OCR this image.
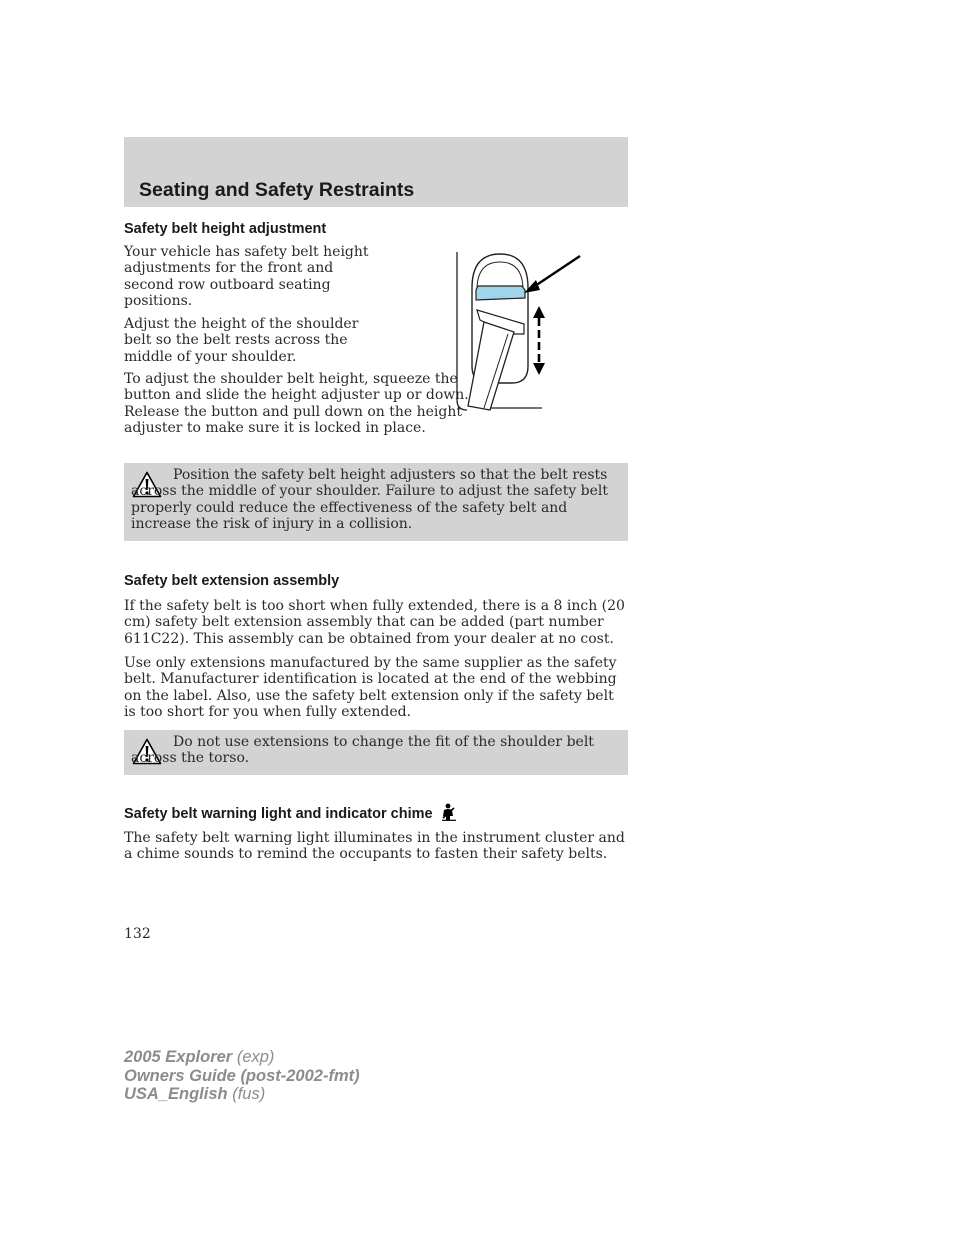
Seating and Safety Restraints
Safety belt height adjustment

Your vehicle has safety belt height adjustments for the front and second row outboard seating positions.

Adjust the height of the shoulder belt so the belt rests across the middle of your shoulder.

To adjust the shoulder belt height, squeeze the button and slide the height adjuster up or down. Release the button and pull down on the height adjuster to make sure it is locked in place.

Position the safety belt height adjusters so that the belt rests across the middle of your shoulder. Failure to adjust the safety belt properly could reduce the effectiveness of the safety belt and increase the risk of injury in a collision.

Safety belt extension assembly

If the safety belt is too short when fully extended, there is a 8 inch (20 cm) safety belt extension assembly that can be added (part number 611C22). This assembly can be obtained from your dealer at no cost.

Use only extensions manufactured by the same supplier as the safety belt. Manufacturer identification is located at the end of the webbing on the label. Also, use the safety belt extension only if the safety belt is too short for you when fully extended.

Do not use extensions to change the fit of the shoulder belt across the torso.

Safety belt warning light and indicator chime

The safety belt warning light illuminates in the instrument cluster and a chime sounds to remind the occupants to fasten their safety belts.

132

2005 Explorer (exp)
Owners Guide (post-2002-fmt)
USA_English (fus)
